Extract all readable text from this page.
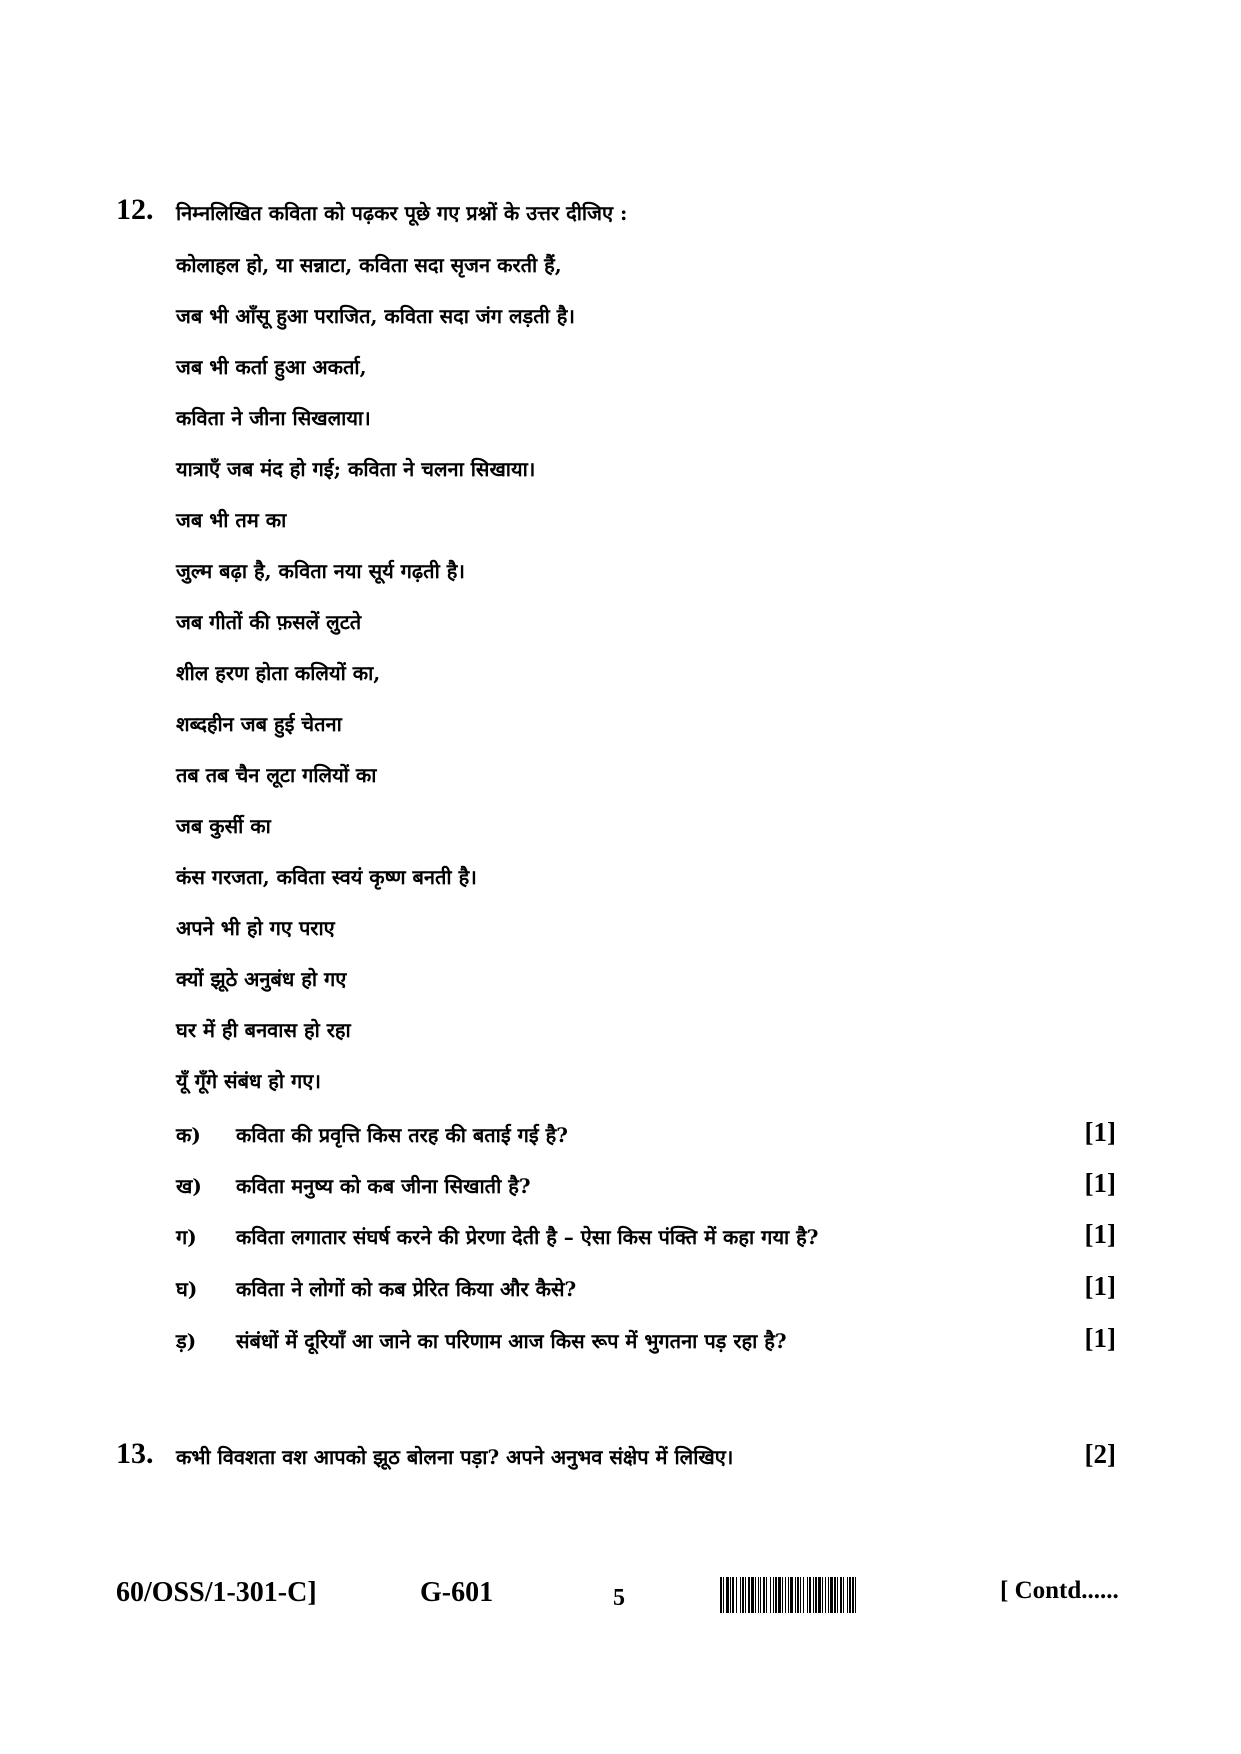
12. निम्नलिखित कविता को पढ़कर पूछे गए प्रश्नों के उत्तर दीजिए :
कोलाहल हो, या सन्नाटा, कविता सदा सृजन करती हैं,
जब भी आँसू हुआ पराजित, कविता सदा जंग लड़ती है।
जब भी कर्ता हुआ अकर्ता,
कविता ने जीना सिखलाया।
यात्राएँ जब मंद हो गई; कविता ने चलना सिखाया।
जब भी तम का
जुल्म बढ़ा है, कविता नया सूर्य गढ़ती है।
जब गीतों की फ़सलें लुटते
शील हरण होता कलियों का,
शब्दहीन जब हुई चेतना
तब तब चैन लूटा गलियों का
जब कुर्सी का
कंस गरजता, कविता स्वयं कृष्ण बनती है।
अपने भी हो गए पराए
क्यों झूठे अनुबंध हो गए
घर में ही बनवास हो रहा
यूँ गूँगे संबंध हो गए।
क) कविता की प्रवृत्ति किस तरह की बताई गई है?	[1]
ख) कविता मनुष्य को कब जीना सिखाती है?	[1]
ग) कविता लगातार संघर्ष करने की प्रेरणा देती है – ऐसा किस पंक्ति में कहा गया है?	[1]
घ) कविता ने लोगों को कब प्रेरित किया और कैसे?	[1]
ड़) संबंधों में दूरियाँ आ जाने का परिणाम आज किस रूप में भुगतना पड़ रहा है?	[1]
13. कभी विवशता वश आपको झूठ बोलना पड़ा? अपने अनुभव संक्षेप में लिखिए।	[2]
60/OSS/1-301-C]	G-601	5	[ Contd......
